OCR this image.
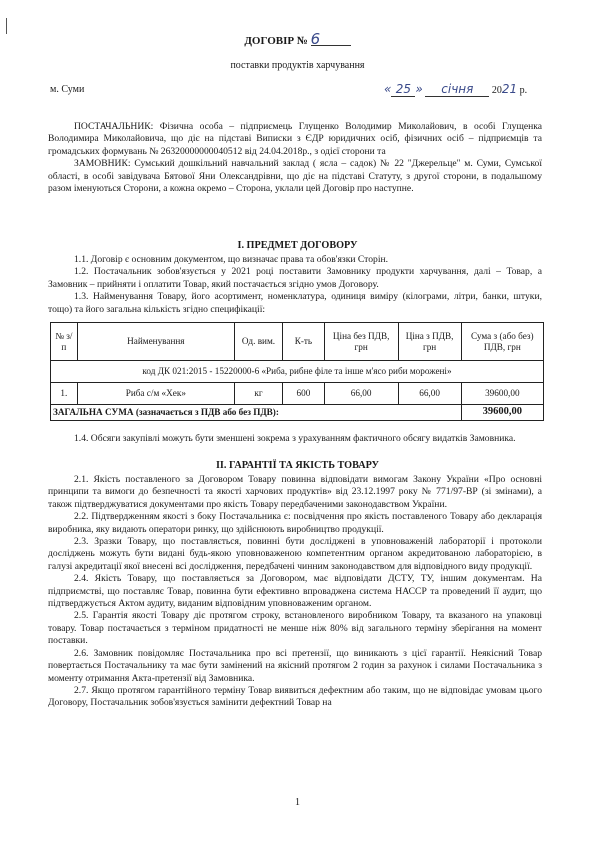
ДОГОВІР № 6
поставки продуктів харчування
м. Суми	« 25 » січня 2021 р.

ПОСТАЧАЛЬНИК: Фізична особа – підприємець Глущенко Володимир Миколайович, в особі Глущенка Володимира Миколайовича, що діє на підставі Виписки з ЄДР юридичних осіб, фізичних осіб – підприємців та громадських формувань № 2632000000004051​2 від 24.04.2018р., з одієї сторони та

ЗАМОВНИК: Сумський дошкільний навчальний заклад ( ясла – садок) № 22 "Джерельце" м. Суми, Сумської області, в особі завідувача Бятової Яни Олександрівни, що діє на підставі Статуту, з другої сторони, в подальшому разом іменуються Сторони, а кожна окремо – Сторона, уклали цей Договір про наступне.

І. ПРЕДМЕТ ДОГОВОРУ

1.1. Договір є основним документом, що визначає права та обов'язки Сторін.

1.2. Постачальник зобов'язується у 2021 році поставити Замовнику продукти харчування, далі – Товар, а Замовник – прийняти і оплатити Товар, який постачається згідно умов Договору.

1.3. Найменування Товару, його асортимент, номенклатура, одиниця виміру (кілограми, літри, банки, штуки, тощо) та його загальна кількість згідно специфікації:

№ з/п	Найменування	Од. вим.	К-ть	Ціна без ПДВ, грн	Ціна з ПДВ, грн	Сума з (або без) ПДВ, грн
код ДК 021:2015 - 15220000-6 «Риба, рибне філе та інше м'ясо риби морожені»						
1.	Риба с/м «Хек»	кг	600	66,00	66,00	39600,00
ЗАГАЛЬНА СУМА (зазначається з ПДВ або без ПДВ):						39600,00

1.4. Обсяги закупівлі можуть бути зменшені зокрема з урахуванням фактичного обсягу видатків Замовника.

ІІ. ГАРАНТІЇ ТА ЯКІСТЬ ТОВАРУ

2.1. Якість поставленого за Договором Товару повинна відповідати вимогам Закону України «Про основні принципи та вимоги до безпечності та якості харчових продуктів» від 23.12.1997 року № 771/97-ВР (зі змінами), а також підтверджуватися документами про якість Товару передбаченими законодавством України.

2.2. Підтвердженням якості з боку Постачальника є: посвідчення про якість поставленого Товару або декларація виробника, яку видають оператори ринку, що здійснюють виробництво продукції.

2.3. Зразки Товару, що поставляється, повинні бути досліджені в уповноваженій лабораторії і протоколи досліджень можуть бути видані будь-якою уповноваженою компетентним органом акредитованою лабораторією, в галузі акредитації якої внесені всі дослідження, передбачені чинним законодавством для відповідного виду продукції.

2.4. Якість Товару, що поставляється за Договором, має відповідати ДСТУ, ТУ, іншим документам. На підприємстві, що поставляє Товар, повинна бути ефективно впроваджена система НАССР та проведений її аудит, що підтверджується Актом аудиту, виданим відповідним уповноваженим органом.

2.5. Гарантія якості Товару діє протягом строку, встановленого виробником Товару, та вказаного на упаковці товару. Товар постачається з терміном придатності не менше ніж 80% від загального терміну зберігання на момент поставки.

2.6. Замовник повідомляє Постачальника про всі претензії, що виникають з цієї гарантії. Неякісний Товар повертається Постачальнику та має бути замінений на якісний протягом 2 годин за рахунок і силами Постачальника з моменту отримання Акта-претензії від Замовника.

2.7. Якщо протягом гарантійного терміну Товар виявиться дефектним або таким, що не відповідає умовам цього Договору, Постачальник зобов'язується замінити дефектний Товар на

1
